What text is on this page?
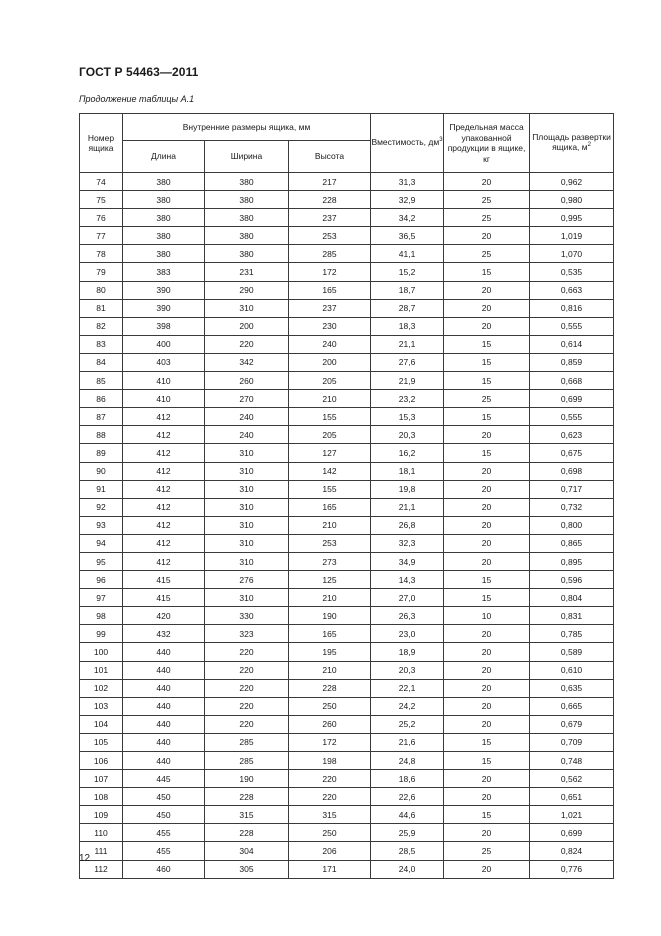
ГОСТ Р 54463—2011
Продолжение таблицы А.1
Номер ящика	Внутренние размеры ящика, мм			Вместимость, $дм^3$	Предельная масса упакованной продукции в ящике, кг	Площадь развертки ящика, $м^2$
	Длина	Ширина	Высота			
74	380	380	217	31,3	20	0,962
75	380	380	228	32,9	25	0,980
76	380	380	237	34,2	25	0,995
77	380	380	253	36,5	20	1,019
78	380	380	285	41,1	25	1,070
79	383	231	172	15,2	15	0,535
80	390	290	165	18,7	20	0,663
81	390	310	237	28,7	20	0,816
82	398	200	230	18,3	20	0,555
83	400	220	240	21,1	15	0,614
84	403	342	200	27,6	15	0,859
85	410	260	205	21,9	15	0,668
86	410	270	210	23,2	25	0,699
87	412	240	155	15,3	15	0,555
88	412	240	205	20,3	20	0,623
89	412	310	127	16,2	15	0,675
90	412	310	142	18,1	20	0,698
91	412	310	155	19,8	20	0,717
92	412	310	165	21,1	20	0,732
93	412	310	210	26,8	20	0,800
94	412	310	253	32,3	20	0,865
95	412	310	273	34,9	20	0,895
96	415	276	125	14,3	15	0,596
97	415	310	210	27,0	15	0,804
98	420	330	190	26,3	10	0,831
99	432	323	165	23,0	20	0,785
100	440	220	195	18,9	20	0,589
101	440	220	210	20,3	20	0,610
102	440	220	228	22,1	20	0,635
103	440	220	250	24,2	20	0,665
104	440	220	260	25,2	20	0,679
105	440	285	172	21,6	15	0,709
106	440	285	198	24,8	15	0,748
107	445	190	220	18,6	20	0,562
108	450	228	220	22,6	20	0,651
109	450	315	315	44,6	15	1,021
110	455	228	250	25,9	20	0,699
111	455	304	206	28,5	25	0,824
112	460	305	171	24,0	20	0,776
12
